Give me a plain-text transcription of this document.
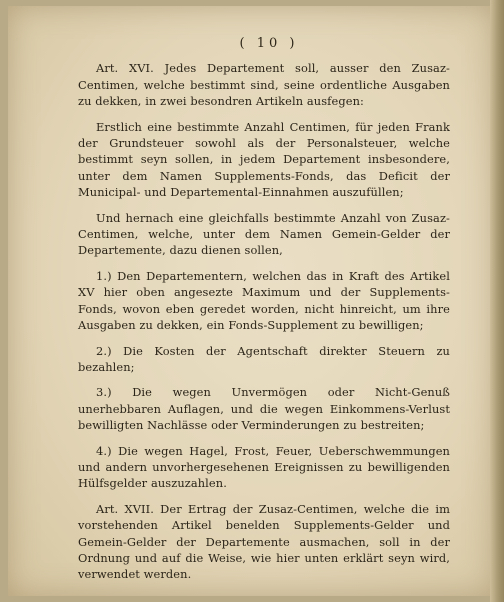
( 10 )

Art. XVI. Jedes Departement soll, ausser den Zusaz-Centimen, welche bestimmt sind, seine ordentliche Ausgaben zu dekken, in zwei besondren Artikeln ausfegen:

Erstlich eine bestimmte Anzahl Centimen, für jeden Frank der Grundsteuer sowohl als der Personalsteuer, welche bestimmt seyn sollen, in jedem Departement insbesondere, unter dem Namen Supplements-Fonds, das Deficit der Municipal- und Departemental-Einnahmen auszufüllen;

Und hernach eine gleichfalls bestimmte Anzahl von Zusaz-Centimen, welche, unter dem Namen Gemein-Gelder der Departemente, dazu dienen sollen,

1.) Den Departementern, welchen das in Kraft des Artikel XV hier oben angesezte Maximum und der Supplements-Fonds, wovon eben geredet worden, nicht hinreicht, um ihre Ausgaben zu dekken, ein Fonds-Supplement zu bewilligen;

2.) Die Kosten der Agentschaft direkter Steuern zu bezahlen;

3.) Die wegen Unvermögen oder Nicht-Genuß unerhebbaren Auflagen, und die wegen Einkommens-Verlust bewilligten Nachlässe oder Verminderungen zu bestreiten;

4.) Die wegen Hagel, Frost, Feuer, Ueberschwemmungen und andern unvorhergesehenen Ereignissen zu bewilligenden Hülfsgelder auszuzahlen.

Art. XVII. Der Ertrag der Zusaz-Centimen, welche die im vorstehenden Artikel benelden Supplements-Gelder und Gemein-Gelder der Departemente ausmachen, soll in der Ordnung und auf die Weise, wie hier unten erklärt seyn wird, verwendet werden.
